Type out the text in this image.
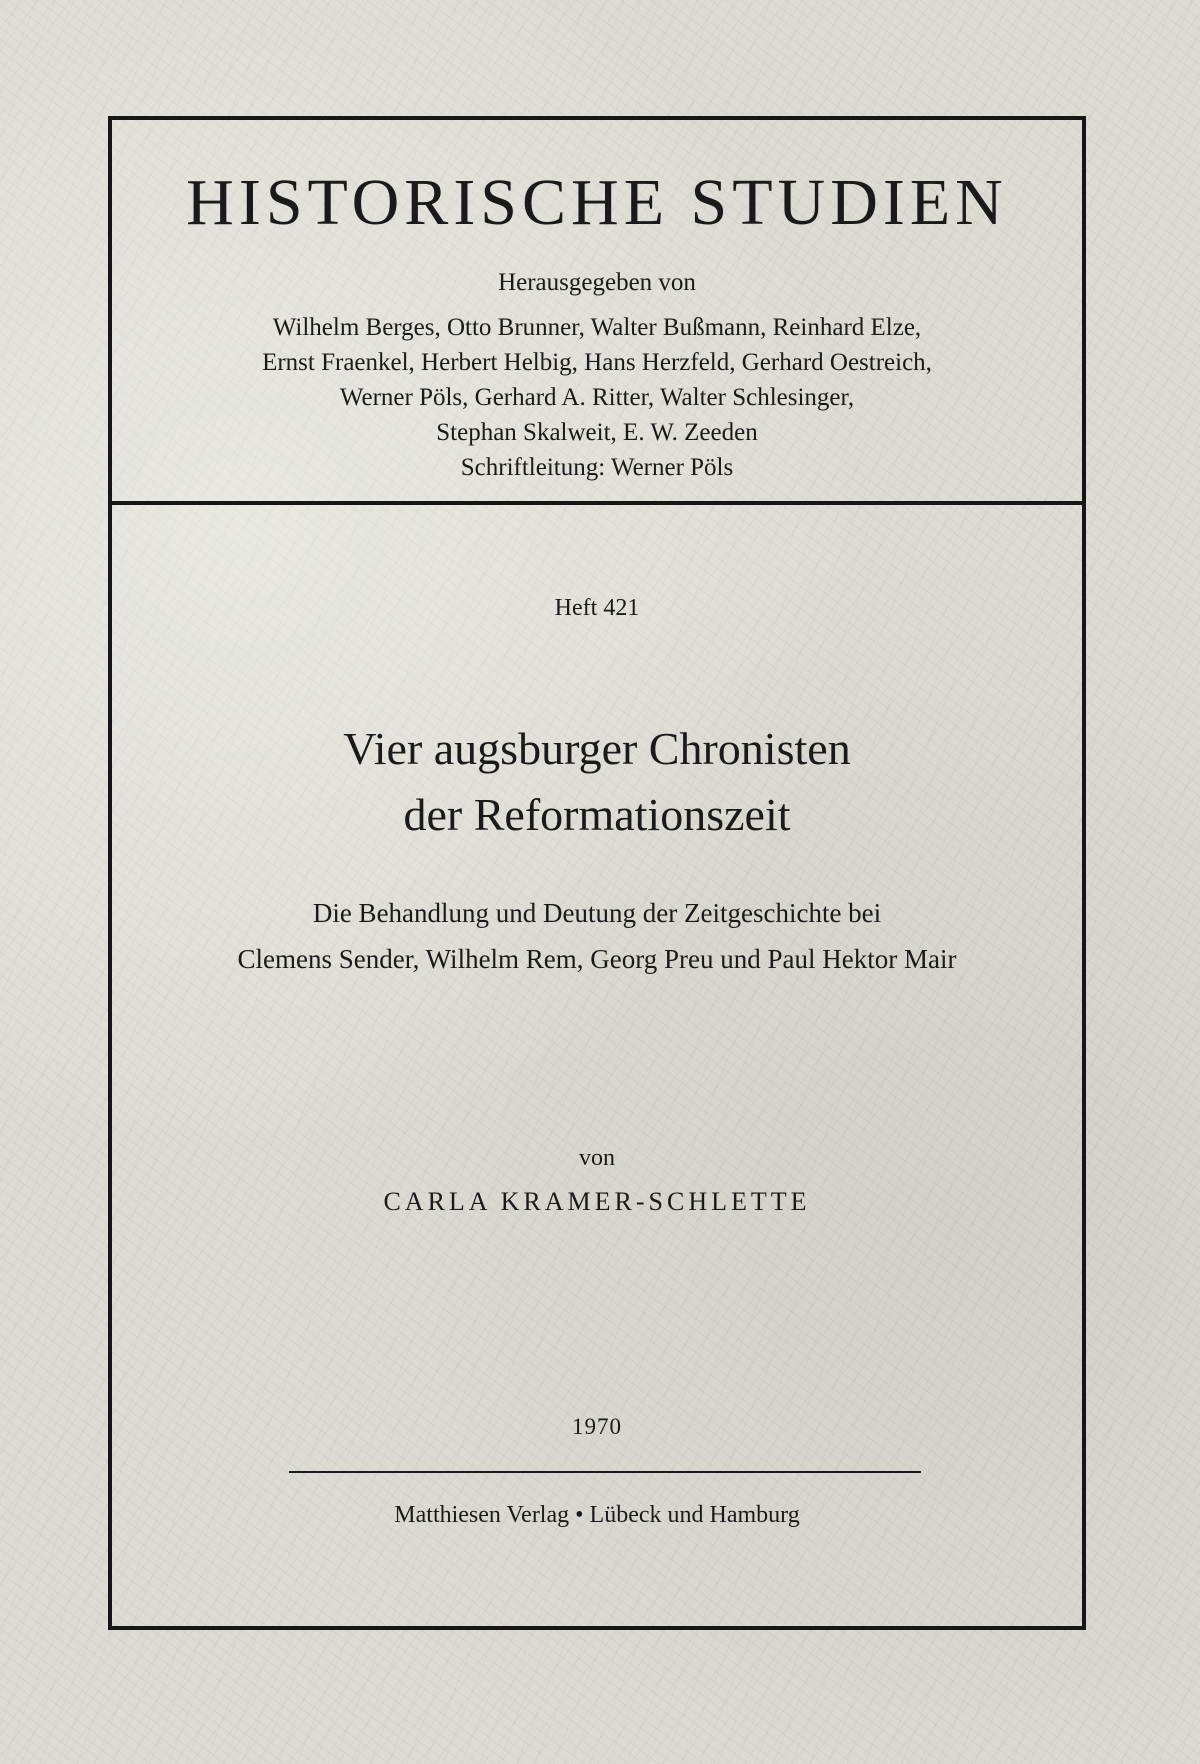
HISTORISCHE STUDIEN
Herausgegeben von
Wilhelm Berges, Otto Brunner, Walter Bußmann, Reinhard Elze,
Ernst Fraenkel, Herbert Helbig, Hans Herzfeld, Gerhard Oestreich,
Werner Pöls, Gerhard A. Ritter, Walter Schlesinger,
Stephan Skalweit, E. W. Zeeden
Schriftleitung: Werner Pöls
Heft 421
Vier augsburger Chronisten
der Reformationszeit
Die Behandlung und Deutung der Zeitgeschichte bei
Clemens Sender, Wilhelm Rem, Georg Preu und Paul Hektor Mair
von
CARLA KRAMER-SCHLETTE
1970
Matthiesen Verlag • Lübeck und Hamburg
